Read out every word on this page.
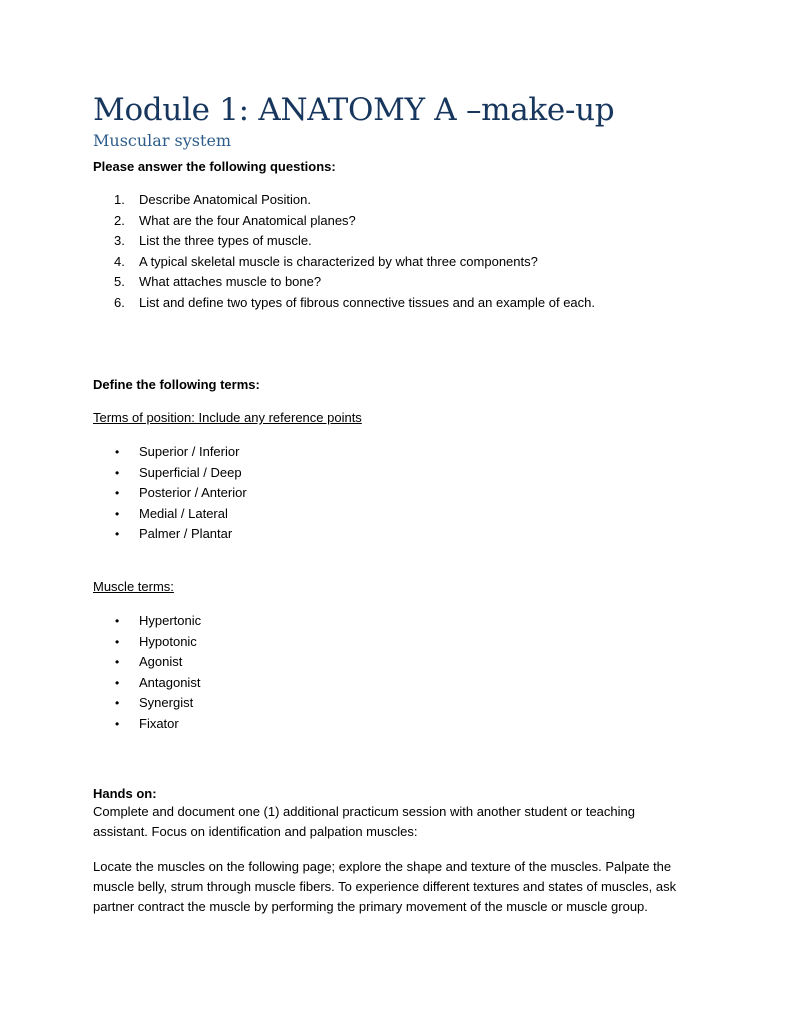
Module 1: ANATOMY A –make-up
Muscular system
Please answer the following questions:
1. Describe Anatomical Position.
2. What are the four Anatomical planes?
3. List the three types of muscle.
4. A typical skeletal muscle is characterized by what three components?
5. What attaches muscle to bone?
6. List and define two types of fibrous connective tissues and an example of each.
Define the following terms:
Terms of position: Include any reference points
• Superior / Inferior
• Superficial / Deep
• Posterior / Anterior
• Medial / Lateral
• Palmer / Plantar
Muscle terms:
• Hypertonic
• Hypotonic
• Agonist
• Antagonist
• Synergist
• Fixator
Hands on:

Complete and document one (1) additional practicum session with another student or teaching assistant. Focus on identification and palpation muscles:

Locate the muscles on the following page; explore the shape and texture of the muscles. Palpate the muscle belly, strum through muscle fibers. To experience different textures and states of muscles, ask partner contract the muscle by performing the primary movement of the muscle or muscle group.
